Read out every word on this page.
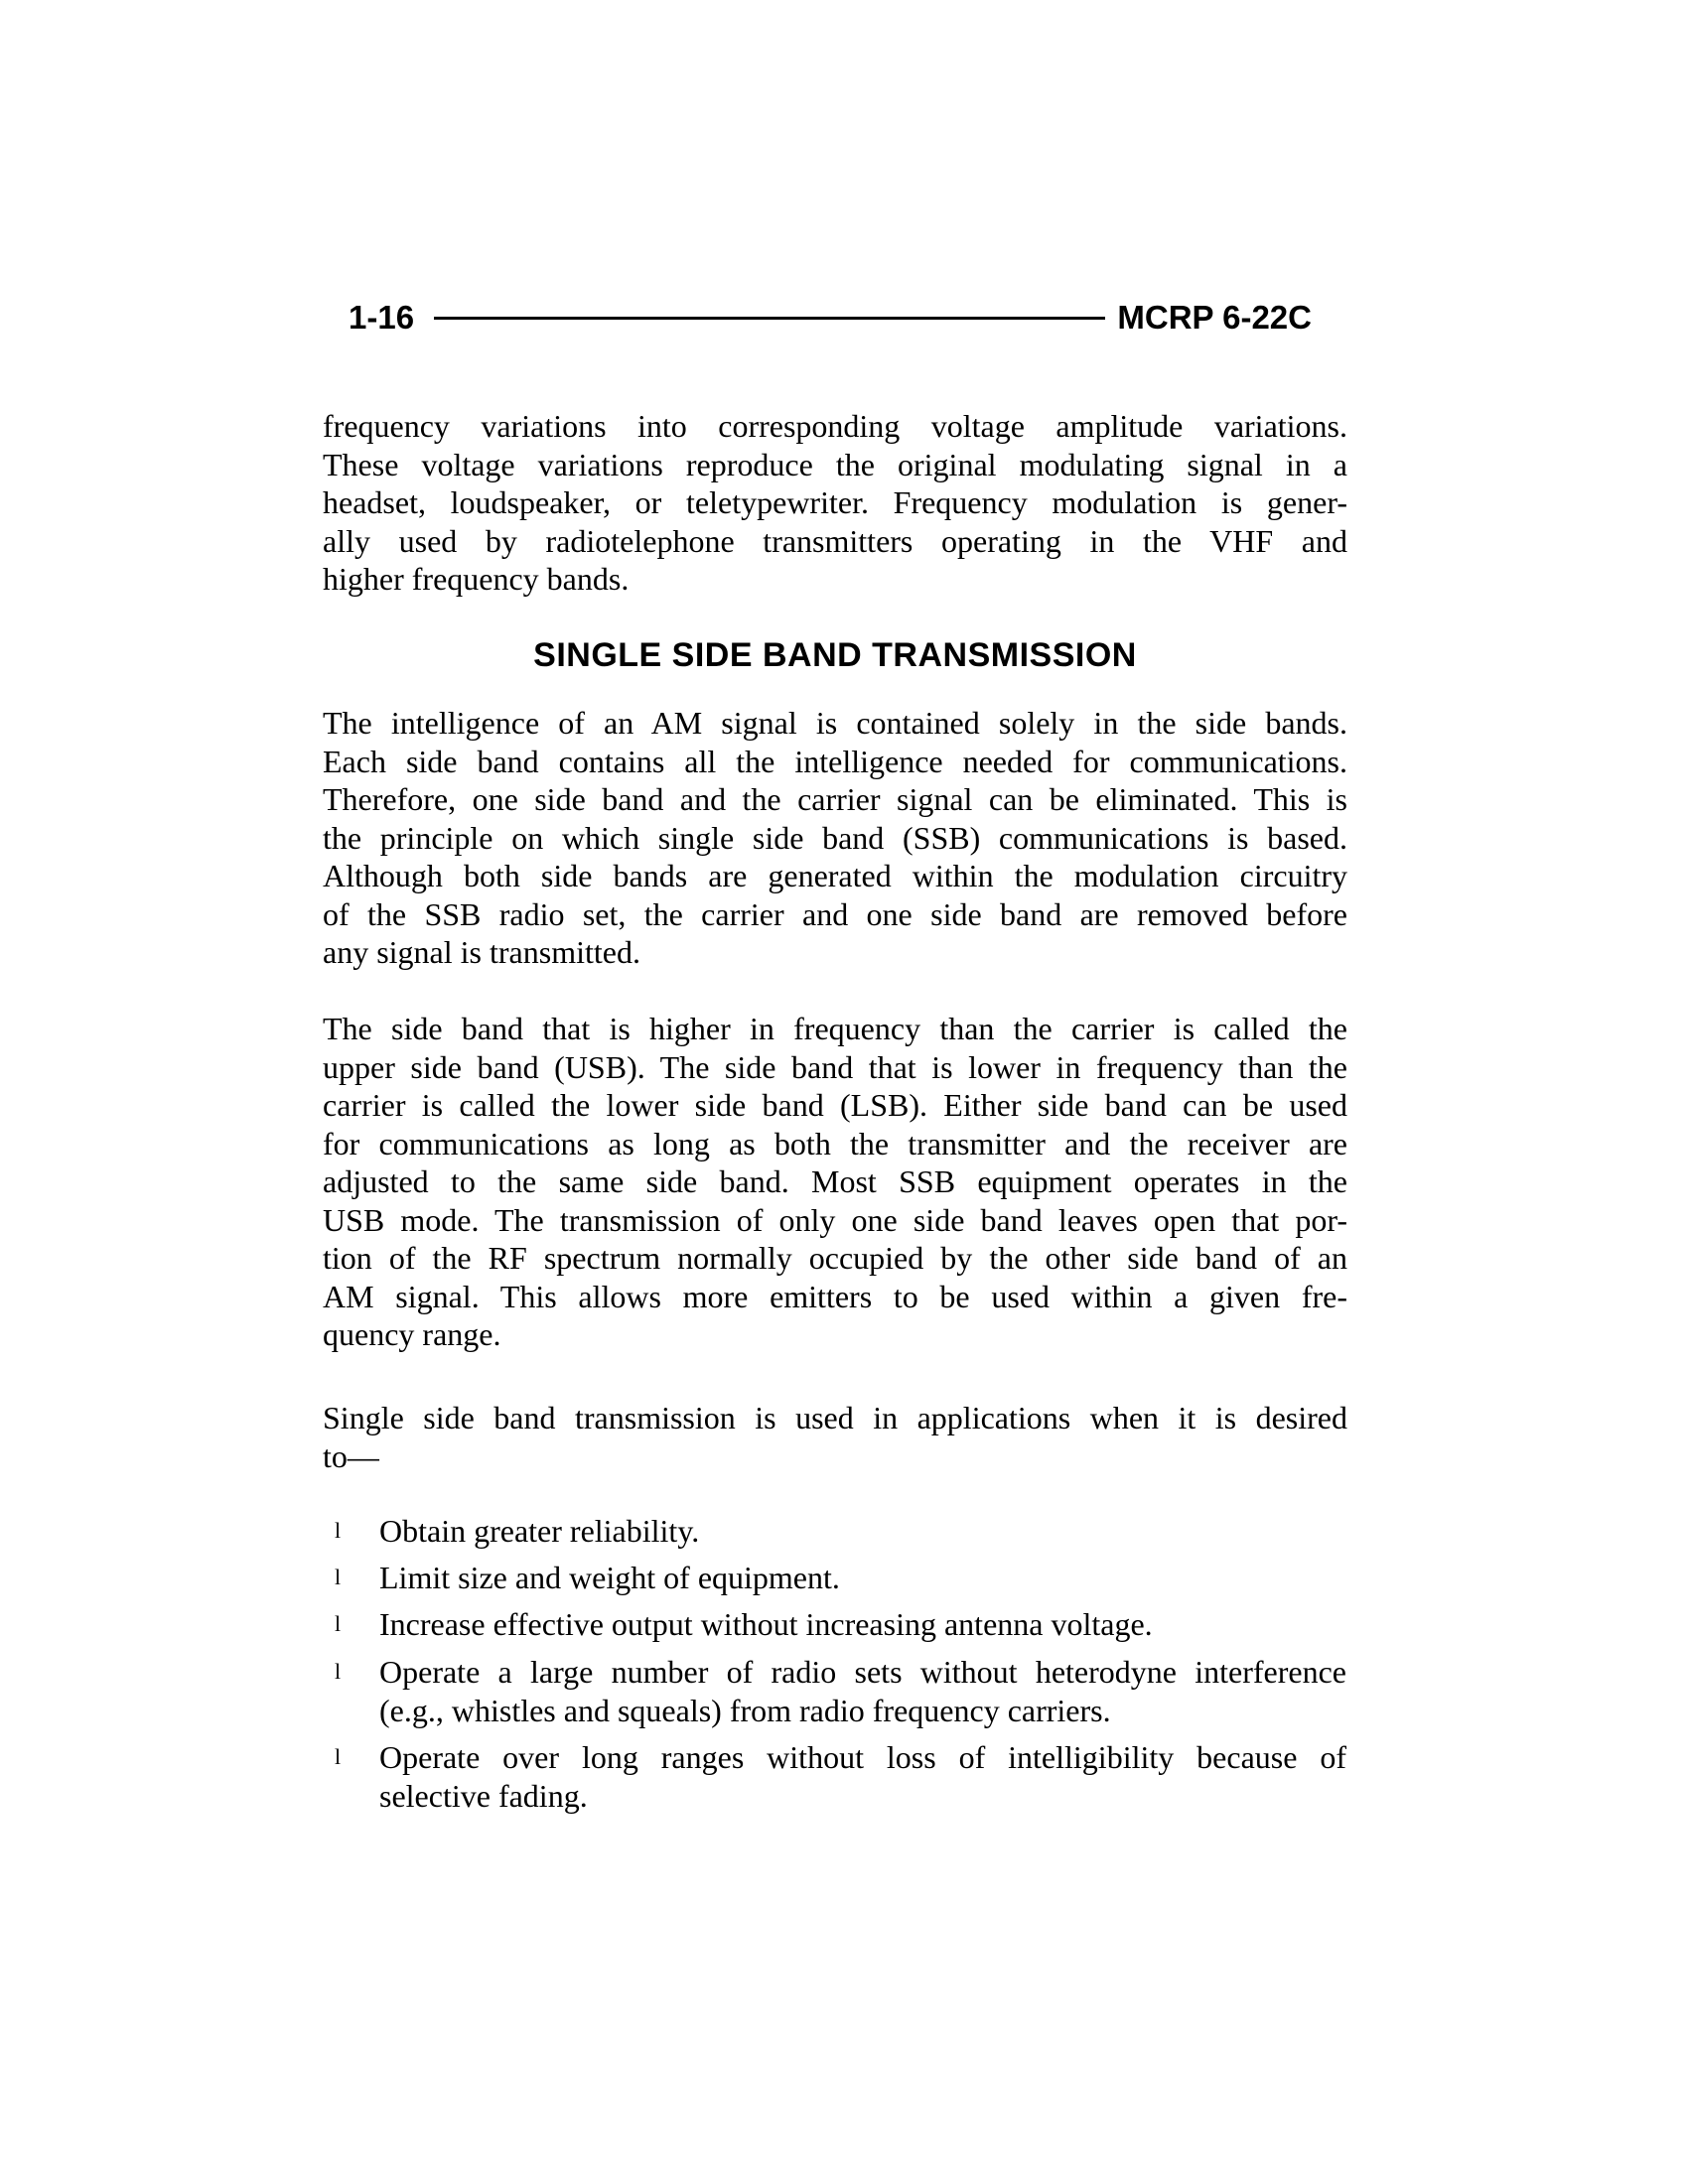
1-16	MCRP 6-22C
frequency variations into corresponding voltage amplitude variations.
These voltage variations reproduce the original modulating signal in a
headset, loudspeaker, or teletypewriter. Frequency modulation is gener-
ally used by radiotelephone transmitters operating in the VHF and
higher frequency bands.
SINGLE SIDE BAND TRANSMISSION
The intelligence of an AM signal is contained solely in the side bands.
Each side band contains all the intelligence needed for communications.
Therefore, one side band and the carrier signal can be eliminated. This is
the principle on which single side band (SSB) communications is based.
Although both side bands are generated within the modulation circuitry
of the SSB radio set, the carrier and one side band are removed before
any signal is transmitted.
The side band that is higher in frequency than the carrier is called the
upper side band (USB). The side band that is lower in frequency than the
carrier is called the lower side band (LSB). Either side band can be used
for communications as long as both the transmitter and the receiver are
adjusted to the same side band. Most SSB equipment operates in the
USB mode. The transmission of only one side band leaves open that por-
tion of the RF spectrum normally occupied by the other side band of an
AM signal. This allows more emitters to be used within a given fre-
quency range.
Single side band transmission is used in applications when it is desired
to—
l Obtain greater reliability.
l Limit size and weight of equipment.
l Increase effective output without increasing antenna voltage.
l Operate a large number of radio sets without heterodyne interference
(e.g., whistles and squeals) from radio frequency carriers.
l Operate over long ranges without loss of intelligibility because of
selective fading.
